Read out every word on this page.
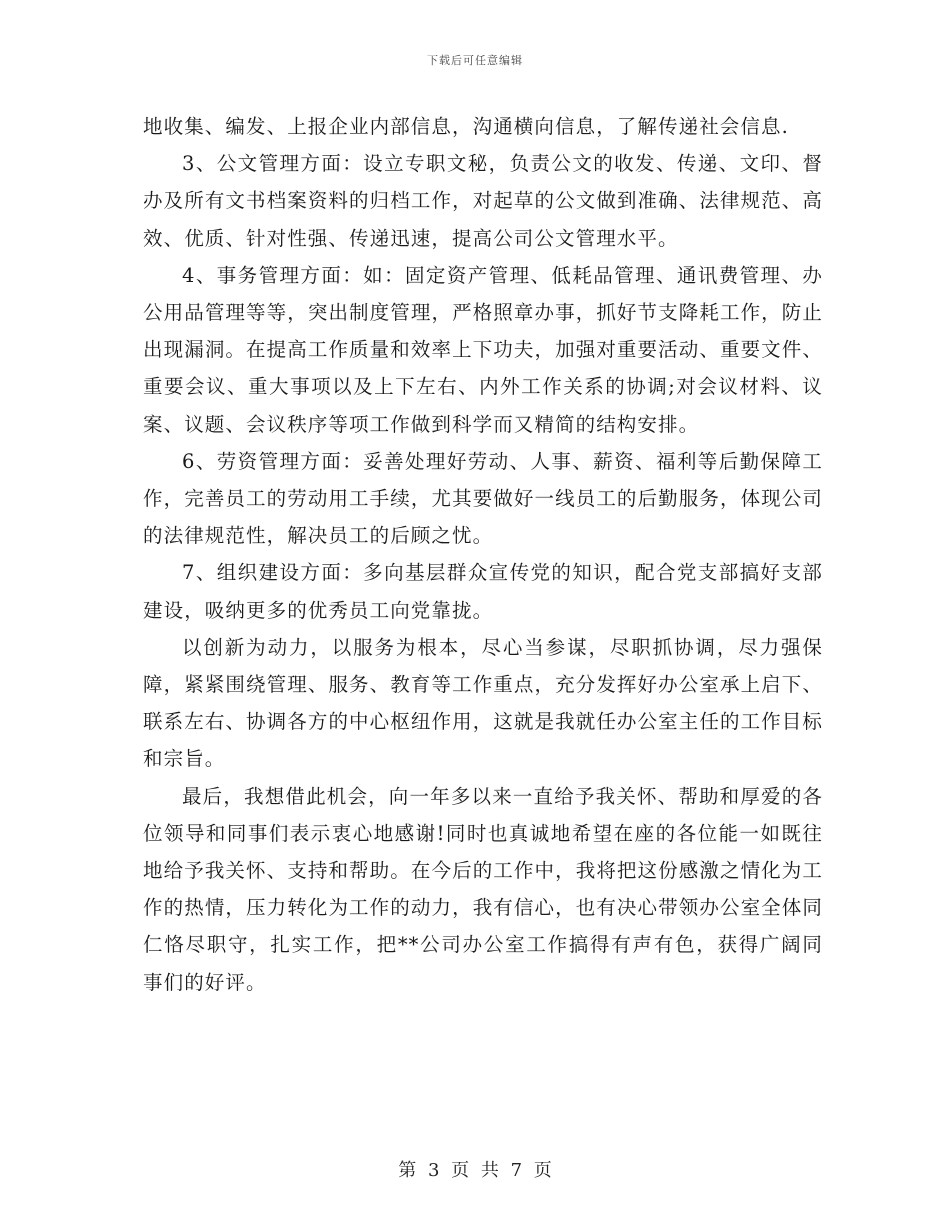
下载后可任意编辑

地收集、编发、上报企业内部信息，沟通横向信息，了解传递社会信息.

3、公文管理方面：设立专职文秘，负责公文的收发、传递、文印、督办及所有文书档案资料的归档工作，对起草的公文做到准确、法律规范、高效、优质、针对性强、传递迅速，提高公司公文管理水平。

4、事务管理方面：如：固定资产管理、低耗品管理、通讯费管理、办公用品管理等等，突出制度管理，严格照章办事，抓好节支降耗工作，防止出现漏洞。在提高工作质量和效率上下功夫，加强对重要活动、重要文件、重要会议、重大事项以及上下左右、内外工作关系的协调;对会议材料、议案、议题、会议秩序等项工作做到科学而又精简的结构安排。

6、劳资管理方面：妥善处理好劳动、人事、薪资、福利等后勤保障工作，完善员工的劳动用工手续，尤其要做好一线员工的后勤服务，体现公司的法律规范性，解决员工的后顾之忧。

7、组织建设方面：多向基层群众宣传党的知识，配合党支部搞好支部建设，吸纳更多的优秀员工向党靠拢。

以创新为动力，以服务为根本，尽心当参谋，尽职抓协调，尽力强保障，紧紧围绕管理、服务、教育等工作重点，充分发挥好办公室承上启下、联系左右、协调各方的中心枢纽作用，这就是我就任办公室主任的工作目标和宗旨。

最后，我想借此机会，向一年多以来一直给予我关怀、帮助和厚爱的各位领导和同事们表示衷心地感谢!同时也真诚地希望在座的各位能一如既往地给予我关怀、支持和帮助。在今后的工作中，我将把这份感激之情化为工作的热情，压力转化为工作的动力，我有信心，也有决心带领办公室全体同仁恪尽职守，扎实工作，把**公司办公室工作搞得有声有色，获得广阔同事们的好评。

第 3 页 共 7 页
